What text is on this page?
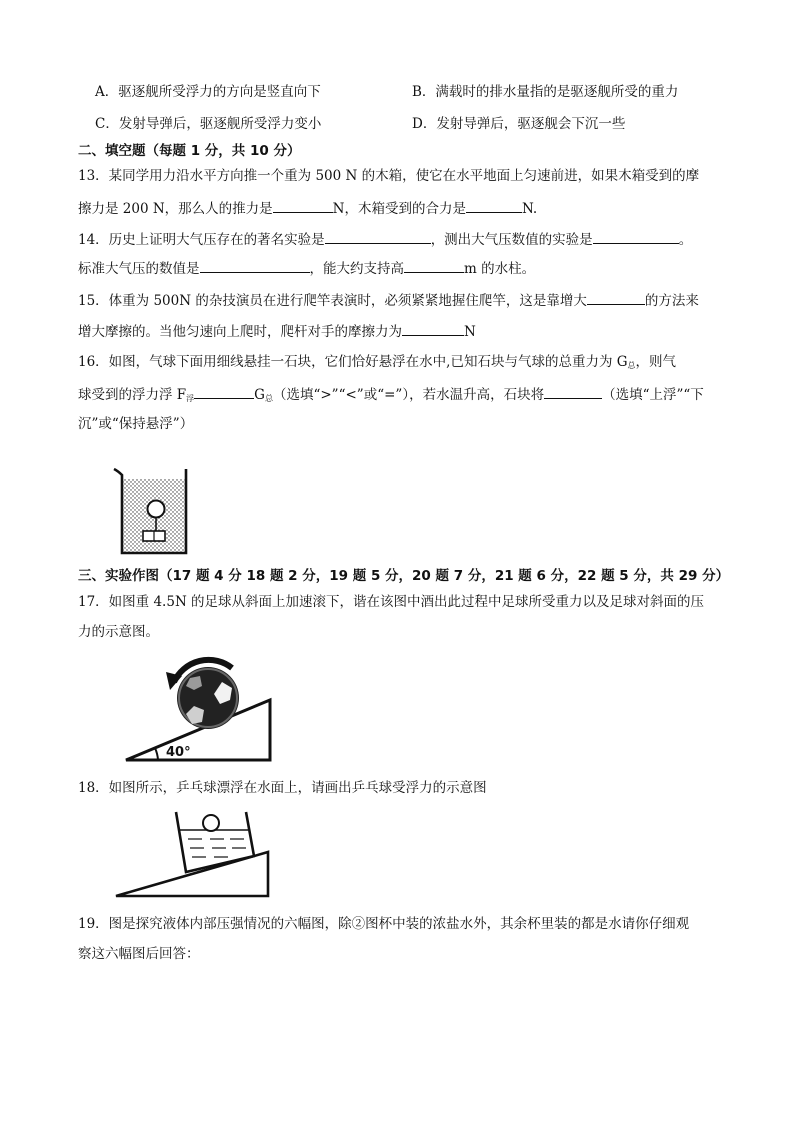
A．驱逐舰所受浮力的方向是竖直向下	B．满载时的排水量指的是驱逐舰所受的重力
C．发射导弹后，驱逐舰所受浮力变小	D．发射导弹后，驱逐舰会下沉一些
二、填空题（每题 1 分，共 10 分）
13．某同学用力沿水平方向推一个重为 500 N 的木箱，使它在水平地面上匀速前进，如果木箱受到的摩
擦力是 200 N，那么人的推力是	N，木箱受到的合力是	N.
14．历史上证明大气压存在的著名实验是	，测出大气压数值的实验是	。
标准大气压的数值是	，能大约支持高	m 的水柱。
15．体重为 500N 的杂技演员在进行爬竿表演时，必须紧紧地握住爬竿，这是靠增大	的方法来
增大摩擦的。当他匀速向上爬时，爬杆对手的摩擦力为	N
16．如图，气球下面用细线悬挂一石块，它们恰好悬浮在水中,已知石块与气球的总重力为 $G_总$，则气
球受到的浮力浮 $F_浮$	$G_总$（选填“>”“<”或“=”），若水温升高，石块将	（选填“上浮”“下
沉”或“保持悬浮”）
三、实验作图（17 题 4 分 18 题 2 分，19 题 5 分，20 题 7 分，21 题 6 分，22 题 5 分，共 29 分）
17．如图重 4.5N 的足球从斜面上加速滚下，谐在该图中酒出此过程中足球所受重力以及足球对斜面的压
力的示意图。
40°
18．如图所示，乒乓球漂浮在水面上，请画出乒乓球受浮力的示意图
19．图是探究液体内部压强情况的六幅图，除②图杯中装的浓盐水外，其余杯里装的都是水请你仔细观
察这六幅图后回答：
